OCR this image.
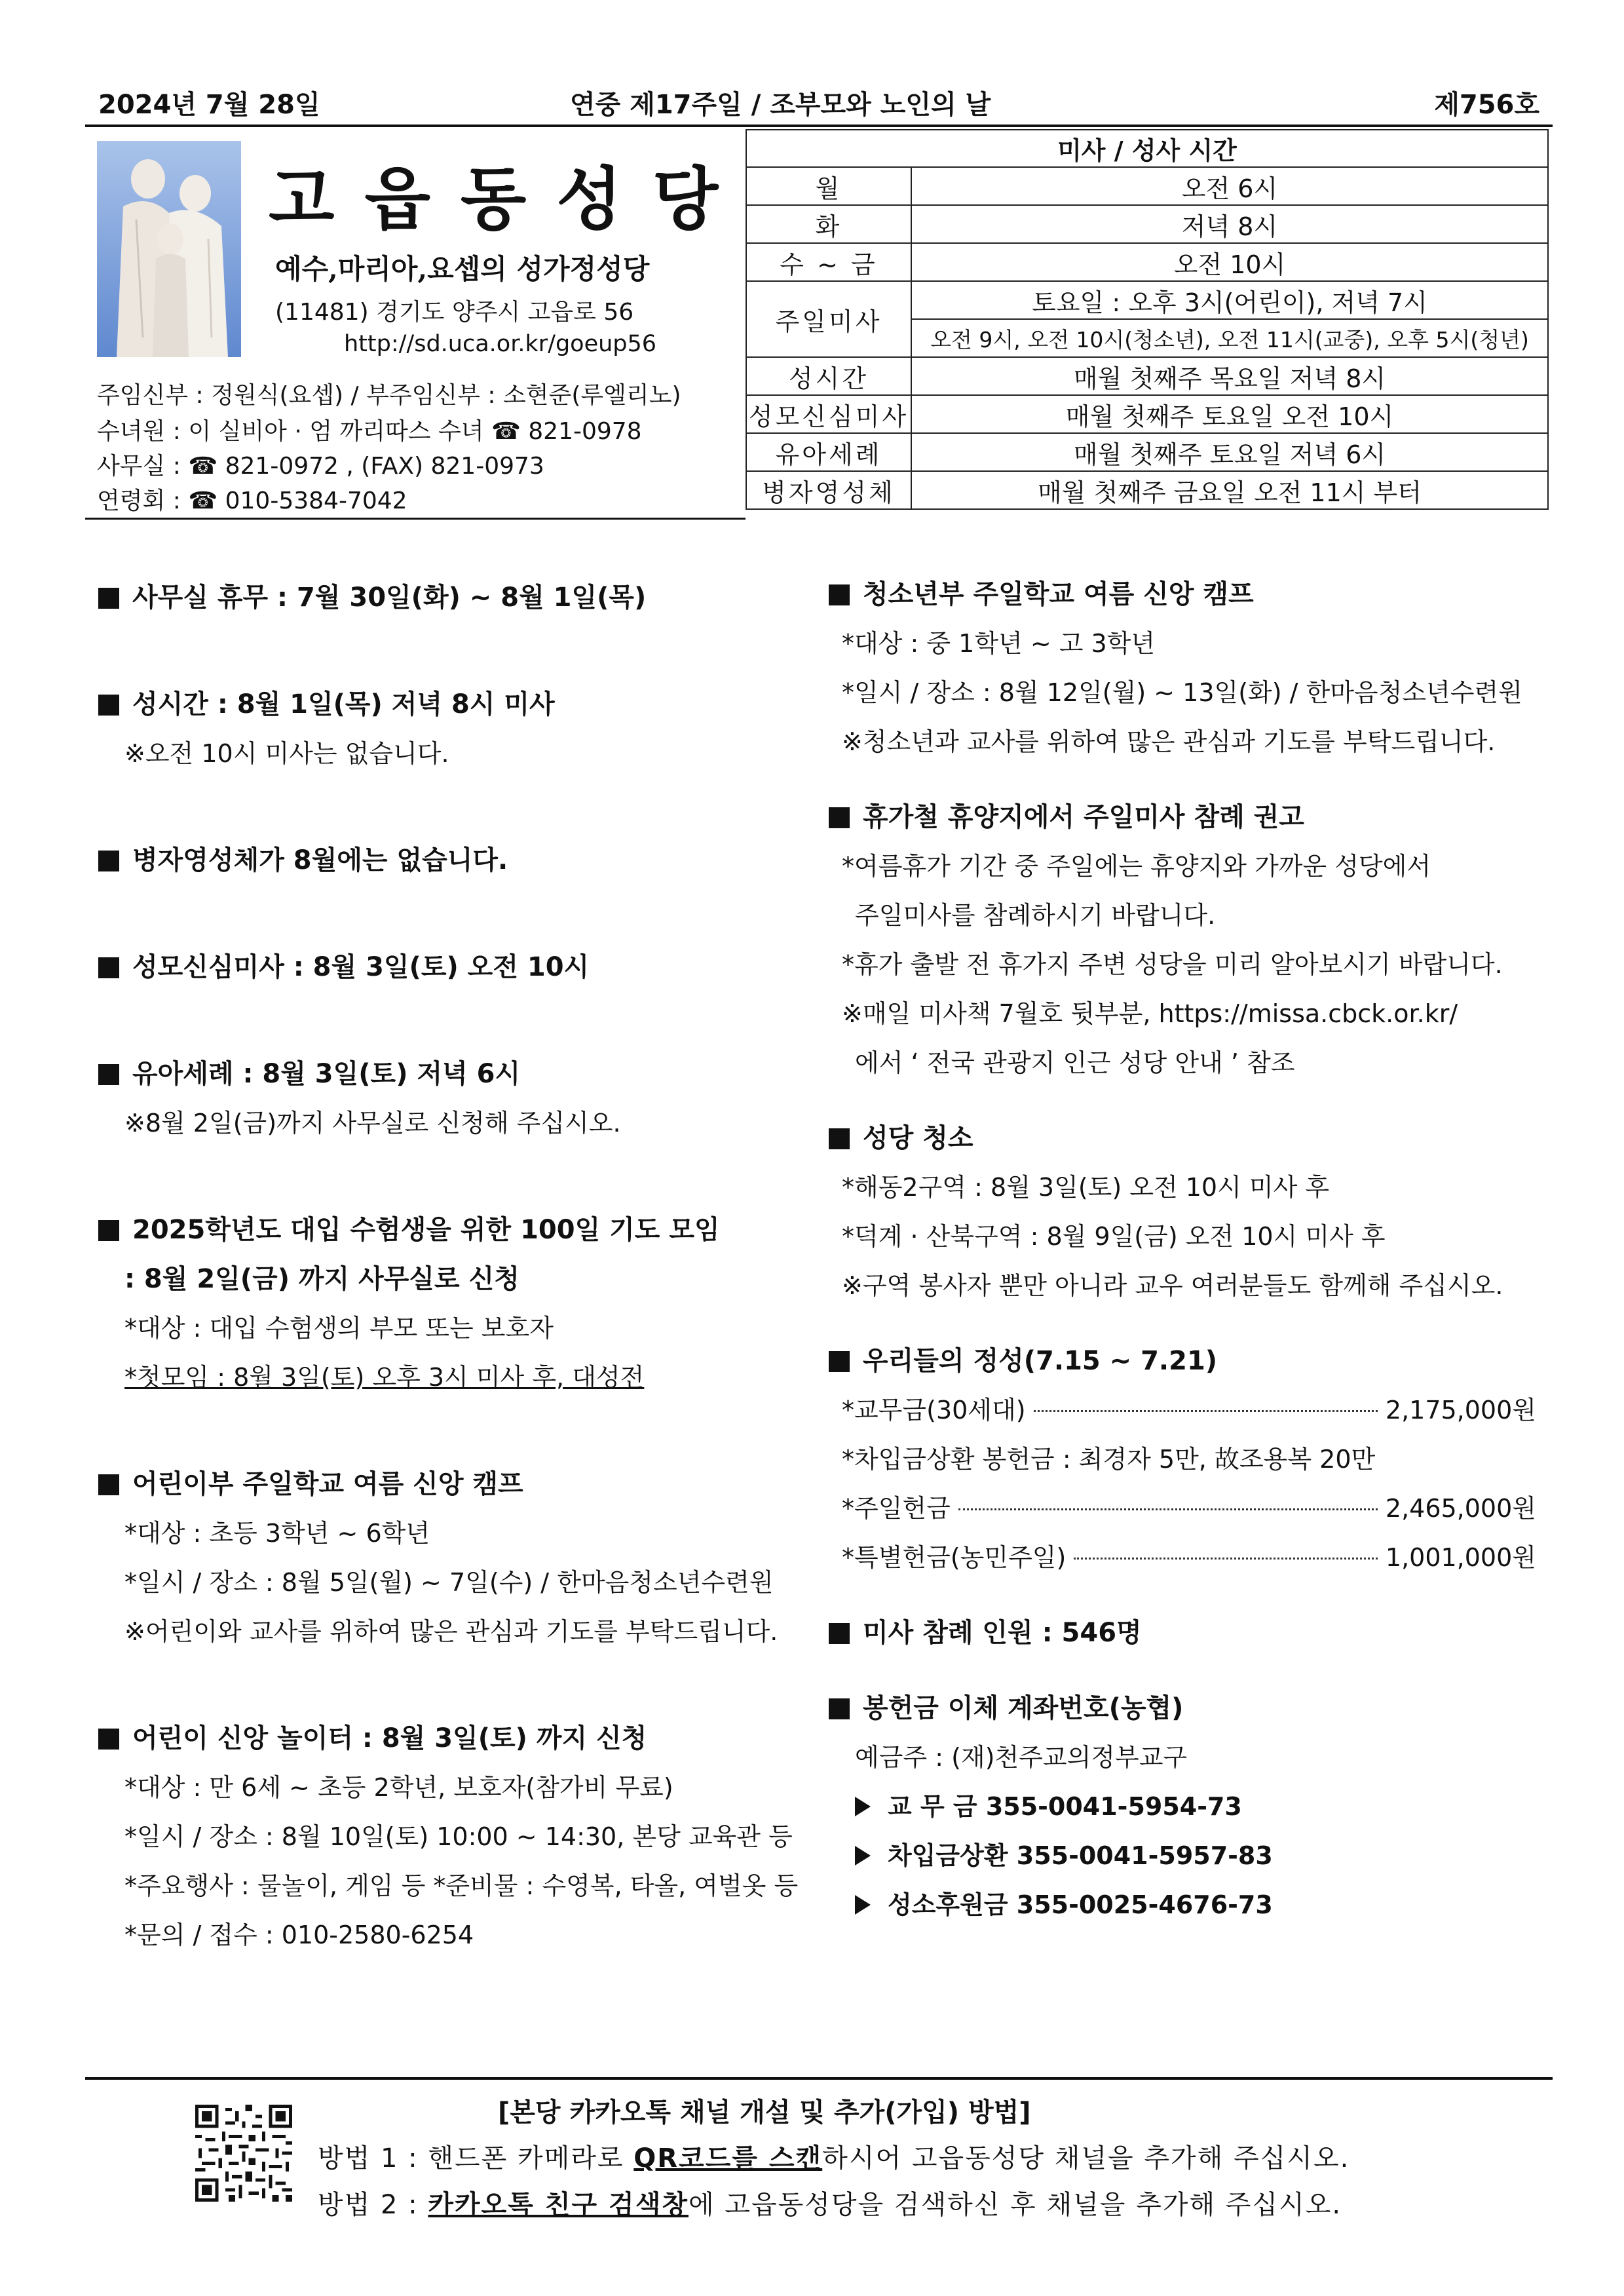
2024년 7월 28일	연중 제17주일 / 조부모와 노인의 날	제756호
고읍동성당
예수,마리아,요셉의 성가정성당
(11481) 경기도 양주시 고읍로 56
http://sd.uca.or.kr/goeup56
주임신부 : 정원식(요셉) / 부주임신부 : 소현준(루엘리노)
수녀원 : 이 실비아 · 엄 까리따스 수녀 ☎ 821-0978
사무실 : ☎ 821-0972 , (FAX) 821-0973
연령회 : ☎ 010-5384-7042
미사 / 성사 시간	
월	오전 6시
화	저녁 8시
수 ~ 금	오전 10시
주일미사	토요일 : 오후 3시(어린이), 저녁 7시
	오전 9시, 오전 10시(청소년), 오전 11시(교중), 오후 5시(청년)
성시간	매월 첫째주 목요일 저녁 8시
성모신심미사	매월 첫째주 토요일 오전 10시
유아세례	매월 첫째주 토요일 저녁 6시
병자영성체	매월 첫째주 금요일 오전 11시 부터
사무실 휴무 : 7월 30일(화) ~ 8월 1일(목)
성시간 : 8월 1일(목) 저녁 8시 미사
※오전 10시 미사는 없습니다.
병자영성체가 8월에는 없습니다.
성모신심미사 : 8월 3일(토) 오전 10시
유아세례 : 8월 3일(토) 저녁 6시
※8월 2일(금)까지 사무실로 신청해 주십시오.
2025학년도 대입 수험생을 위한 100일 기도 모임
: 8월 2일(금) 까지 사무실로 신청
*대상 : 대입 수험생의 부모 또는 보호자
*첫모임 : 8월 3일(토) 오후 3시 미사 후, 대성전
어린이부 주일학교 여름 신앙 캠프
*대상 : 초등 3학년 ~ 6학년
*일시 / 장소 : 8월 5일(월) ~ 7일(수) / 한마음청소년수련원
※어린이와 교사를 위하여 많은 관심과 기도를 부탁드립니다.
어린이 신앙 놀이터 : 8월 3일(토) 까지 신청
*대상 : 만 6세 ~ 초등 2학년, 보호자(참가비 무료)
*일시 / 장소 : 8월 10일(토) 10:00 ~ 14:30, 본당 교육관 등
*주요행사 : 물놀이, 게임 등 *준비물 : 수영복, 타올, 여벌옷 등
*문의 / 접수 : 010-2580-6254
청소년부 주일학교 여름 신앙 캠프
*대상 : 중 1학년 ~ 고 3학년
*일시 / 장소 : 8월 12일(월) ~ 13일(화) / 한마음청소년수련원
※청소년과 교사를 위하여 많은 관심과 기도를 부탁드립니다.
휴가철 휴양지에서 주일미사 참례 권고
*여름휴가 기간 중 주일에는 휴양지와 가까운 성당에서
주일미사를 참례하시기 바랍니다.
*휴가 출발 전 휴가지 주변 성당을 미리 알아보시기 바랍니다.
※매일 미사책 7월호 뒷부분, https://missa.cbck.or.kr/
에서 ‘ 전국 관광지 인근 성당 안내 ’ 참조
성당 청소
*해동2구역 : 8월 3일(토) 오전 10시 미사 후
*덕계 · 산북구역 : 8월 9일(금) 오전 10시 미사 후
※구역 봉사자 뿐만 아니라 교우 여러분들도 함께해 주십시오.
우리들의 정성(7.15 ~ 7.21)
*교무금(30세대)	2,175,000원
*차입금상환 봉헌금 : 최경자 5만, 故조용복 20만
*주일헌금	2,465,000원
*특별헌금(농민주일)	1,001,000원
미사 참례 인원 : 546명
봉헌금 이체 계좌번호(농협)
예금주 : (재)천주교의정부교구
교 무 금 355-0041-5954-73
차입금상환 355-0041-5957-83
성소후원금 355-0025-4676-73
[본당 카카오톡 채널 개설 및 추가(가입) 방법]
방법 1 : 핸드폰 카메라로 QR코드를 스캔하시어 고읍동성당 채널을 추가해 주십시오.
방법 2 : 카카오톡 친구 검색창에 고읍동성당을 검색하신 후 채널을 추가해 주십시오.
